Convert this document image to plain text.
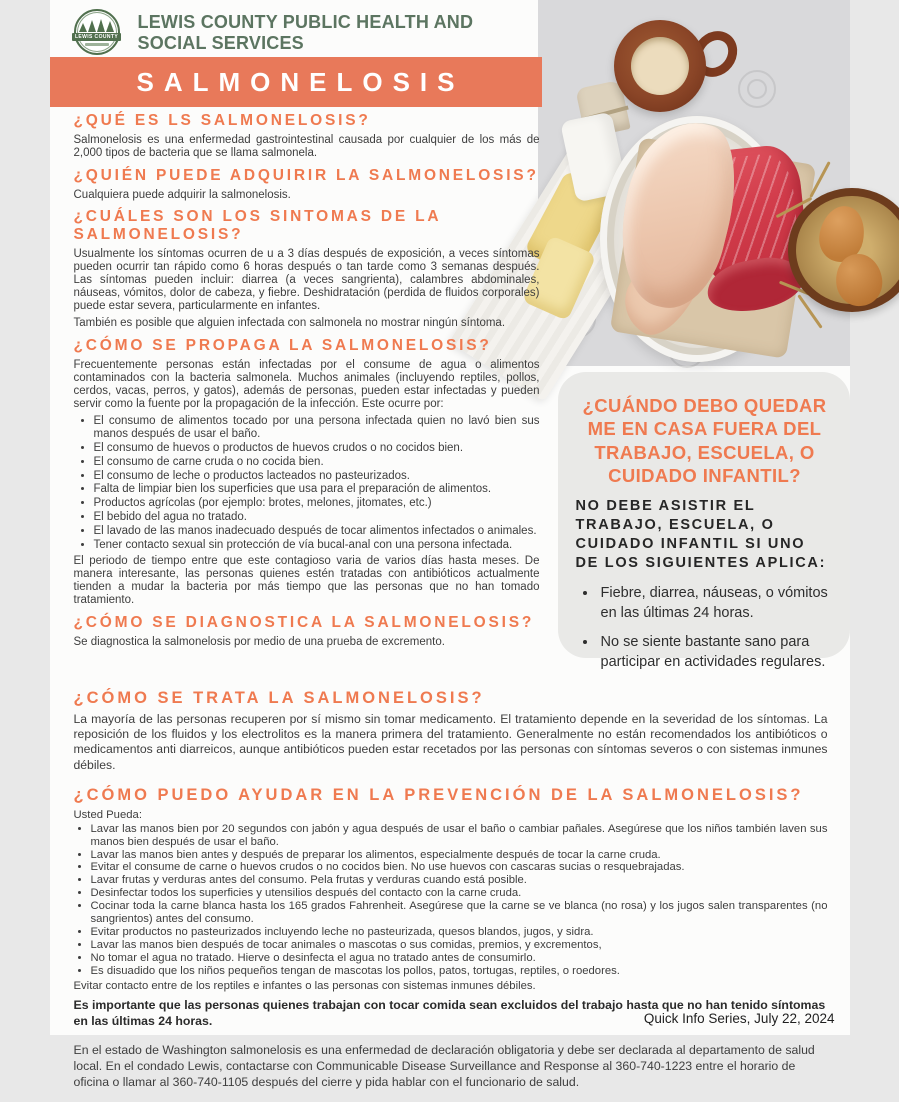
LEWIS COUNTY
LEWIS COUNTY PUBLIC HEALTH AND SOCIAL SERVICES
SALMONELOSIS
¿QUÉ ES LS SALMONELOSIS?

Salmonelosis es una enfermedad gastrointestinal causada por cualquier de los más de 2,000 tipos de bacteria que se llama salmonela.

¿QUIÉN PUEDE ADQUIRIR LA SALMONELOSIS?

Cualquiera puede adquirir la salmonelosis.

¿CUÁLES SON LOS SINTOMAS DE LA SALMONELOSIS?

Usualmente los síntomas ocurren de u a 3 días después de exposición, a veces síntomas pueden ocurrir tan rápido como 6 horas después o tan tarde como 3 semanas después. Las síntomas pueden incluir: diarrea (a veces sangrienta), calambres abdominales, náuseas, vómitos, dolor de cabeza, y fiebre. Deshidratación (perdida de fluidos corporales) puede estar severa, particularmente en infantes.

También es posible que alguien infectada con salmonela no mostrar ningún síntoma.

¿CÓMO SE PROPAGA LA SALMONELOSIS?

Frecuentemente personas están infectadas por el consume de agua o alimentos contaminados con la bacteria salmonela. Muchos animales (incluyendo reptiles, pollos, cerdos, vacas, perros, y gatos), además de personas, pueden estar infectadas y pueden servir como la fuente por la propagación de la infección. Este ocurre por:

• El consumo de alimentos tocado por una persona infectada quien no lavó bien sus manos después de usar el baño.
• El consumo de huevos o productos de huevos crudos o no cocidos bien.
• El consumo de carne cruda o no cocida bien.
• El consumo de leche o productos lacteados no pasteurizados.
• Falta de limpiar bien los superficies que usa para el preparación de alimentos.
• Productos agrícolas (por ejemplo: brotes, melones, jitomates, etc.)
• El bebido del agua no tratado.
• El lavado de las manos inadecuado después de tocar alimentos infectados o animales.
• Tener contacto sexual sin protección de vía bucal-anal con una persona infectada.

El periodo de tiempo entre que este contagioso varia de varios días hasta meses. De manera interesante, las personas quienes estén tratadas con antibióticos actualmente tienden a mudar la bacteria por más tiempo que las personas que no han tomado tratamiento.

¿CÓMO SE DIAGNOSTICA LA SALMONELOSIS?

Se diagnostica la salmonelosis por medio de una prueba de excremento.

¿CUÁNDO DEBO QUEDAR ME EN CASA FUERA DEL TRABAJO, ESCUELA, O CUIDADO INFANTIL?

NO DEBE ASISTIR EL TRABAJO, ESCUELA, O CUIDADO INFANTIL SI UNO DE LOS SIGUIENTES APLICA:

• Fiebre, diarrea, náuseas, o vómitos en las últimas 24 horas.
• No se siente bastante sano para participar en actividades regulares.
¿CÓMO SE TRATA LA SALMONELOSIS?

La mayoría de las personas recuperen por sí mismo sin tomar medicamento. El tratamiento depende en la severidad de los síntomas. La reposición de los fluidos y los electrolitos es la manera primera del tratamiento. Generalmente no están recomendados los antibióticos o medicamentos anti diarreicos, aunque antibióticos pueden estar recetados por las personas con síntomas severos o con sistemas inmunes débiles.

¿CÓMO PUEDO AYUDAR EN LA PREVENCIÓN DE LA SALMONELOSIS?

Usted Pueda:

• Lavar las manos bien por 20 segundos con jabón y agua después de usar el baño o cambiar pañales. Asegúrese que los niños también laven sus manos bien después de usar el baño.
• Lavar las manos bien antes y después de preparar los alimentos, especialmente después de tocar la carne cruda.
• Evitar el consume de carne o huevos crudos o no cocidos bien. No use huevos con cascaras sucias o resquebrajadas.
• Lavar frutas y verduras antes del consumo. Pela frutas y verduras cuando está posible.
• Desinfectar todos los superficies y utensilios después del contacto con la carne cruda.
• Cocinar toda la carne blanca hasta los 165 grados Fahrenheit. Asegúrese que la carne se ve blanca (no rosa) y los jugos salen transparentes (no sangrientos) antes del consumo.
• Evitar productos no pasteurizados incluyendo leche no pasteurizada, quesos blandos, jugos, y sidra.
• Lavar las manos bien después de tocar animales o mascotas o sus comidas, premios, y excrementos,
• No tomar el agua no tratado. Hierve o desinfecta el agua no tratado antes de consumirlo.
• Es disuadido que los niños pequeños tengan de mascotas los pollos, patos, tortugas, reptiles, o roedores.

Evitar contacto entre de los reptiles e infantes o las personas con sistemas inmunes débiles.

Es importante que las personas quienes trabajan con tocar comida sean excluidos del trabajo hasta que no han tenido síntomas en las últimas 24 horas.

En el estado de Washington salmonelosis es una enfermedad de declaración obligatoria y debe ser declarada al departamento de salud local. En el condado Lewis, contactarse con Communicable Disease Surveillance and Response al 360-740-1223 entre el horario de oficina o llamar al 360-740-1105 después del cierre y pida hablar con el funcionario de salud.

Quick Info Series, July 22, 2024
